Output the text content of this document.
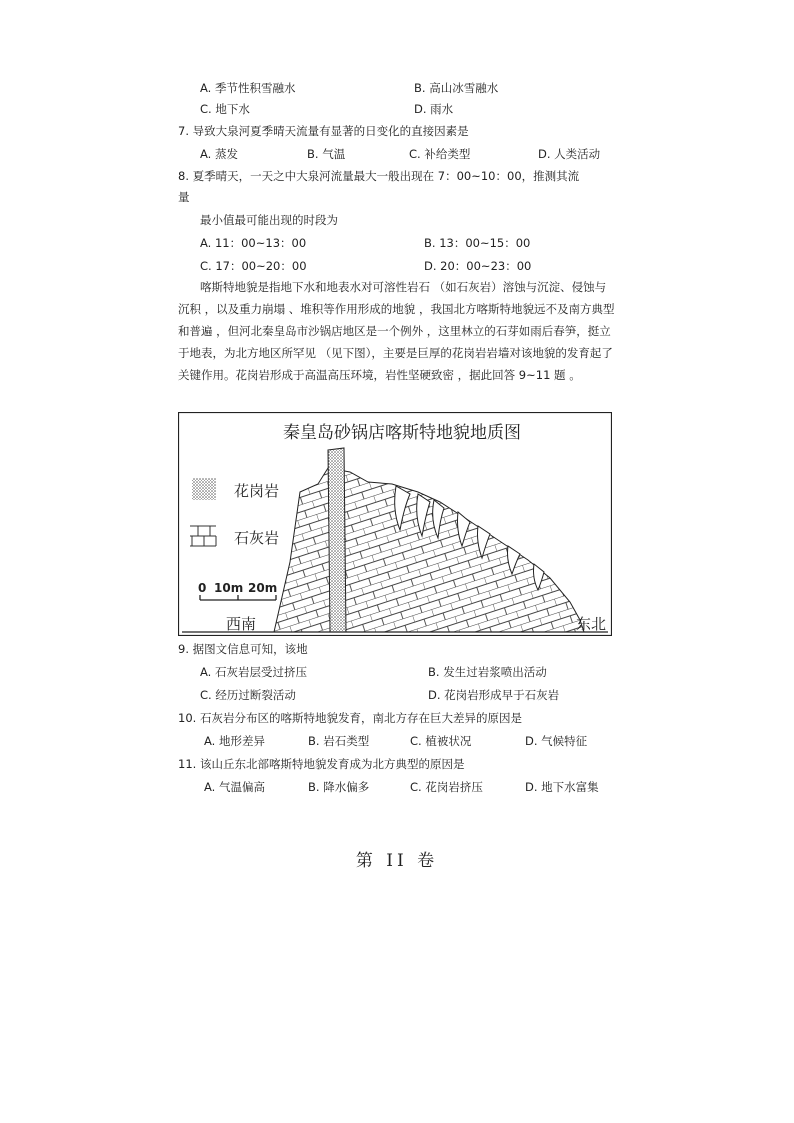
A. 季节性积雪融水	B. 高山冰雪融水
C. 地下水	D. 雨水
7. 导致大泉河夏季晴天流量有显著的日变化的直接因素是
A. 蒸发	B. 气温	C. 补给类型	D. 人类活动
8. 夏季晴天，一天之中大泉河流量最大一般出现在 7：00~10：00，推测其流
量
最小值最可能出现的时段为
A. 11：00~13：00	B. 13：00~15：00
C. 17：00~20：00	D. 20：00~23：00
喀斯特地貌是指地下水和地表水对可溶性岩石 （如石灰岩）溶蚀与沉淀、侵蚀与沉积 ，以及重力崩塌 、堆积等作用形成的地貌 ，我国北方喀斯特地貌远不及南方典型和普遍 ，但河北秦皇岛市沙锅店地区是一个例外 ，这里林立的石芽如雨后春笋，挺立于地表，为北方地区所罕见 （见下图），主要是巨厚的花岗岩岩墙对该地貌的发育起了关键作用。花岗岩形成于高温高压环境，岩性坚硬致密 ，据此回答 9~11 题 。
秦皇岛砂锅店喀斯特地貌地质图
花岗岩
石灰岩
0 10m 20m
西南	东北
9. 据图文信息可知，该地
A. 石灰岩层受过挤压	B. 发生过岩浆喷出活动
C. 经历过断裂活动	D. 花岗岩形成早于石灰岩
10. 石灰岩分布区的喀斯特地貌发育，南北方存在巨大差异的原因是
A. 地形差异	B. 岩石类型	C. 植被状况	D. 气候特征
11. 该山丘东北部喀斯特地貌发育成为北方典型的原因是
A. 气温偏高	B. 降水偏多	C. 花岗岩挤压	D. 地下水富集
第 II 卷
